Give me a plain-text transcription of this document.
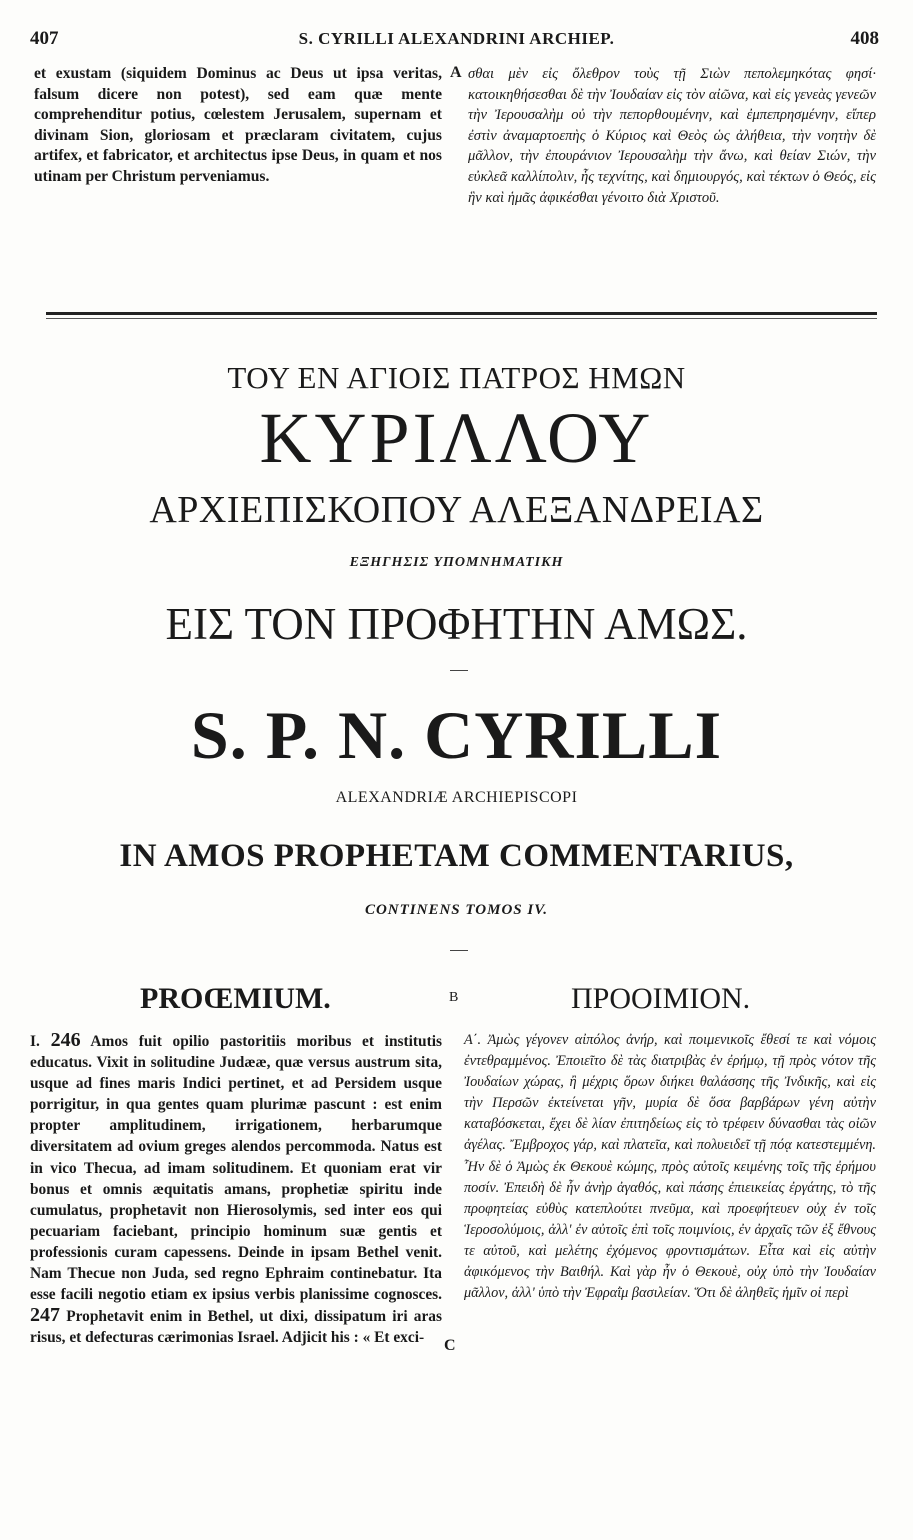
407	S. CYRILLI ALEXANDRINI ARCHIEP.	408

et exustam (siquidem Dominus ac Deus ut ipsa veritas, falsum dicere non potest), sed eam quæ mente comprehenditur potius, cœlestem Jerusalem, supernam et divinam Sion, gloriosam et præclaram civitatem, cujus artifex, et fabricator, et architectus ipse Deus, in quam et nos utinam per Christum perveniamus.

A σθαι μὲν εἰς ὄλεθρον τοὺς τῇ Σιὼν πεπολεμηκότας φησί· κατοικηθήσεσθαι δὲ τὴν Ἰουδαίαν εἰς τὸν αἰῶνα, καὶ εἰς γενεὰς γενεῶν τὴν Ἰερουσαλὴμ οὐ τὴν πεπορθουμένην, καὶ ἐμπεπρησμένην, εἴπερ ἐστὶν ἀναμαρτοεπὴς ὁ Κύριος καὶ Θεὸς ὡς ἀλήθεια, τὴν νοητὴν δὲ μᾶλλον, τὴν ἐπουράνιον Ἰερουσαλὴμ τὴν ἄνω, καὶ θείαν Σιών, τὴν εὐκλεᾶ καλλίπολιν, ἧς τεχνίτης, καὶ δημιουργός, καὶ τέκτων ὁ Θεός, εἰς ἣν καὶ ἡμᾶς ἀφικέσθαι γένοιτο διὰ Χριστοῦ.

ΤΟΥ ΕΝ ΑΓΙΟΙΣ ΠΑΤΡΟΣ ΗΜΩΝ
ΚΥΡΙΛΛΟΥ
ΑΡΧΙΕΠΙΣΚΟΠΟΥ ΑΛΕΞΑΝΔΡΕΙΑΣ
ΕΞΗΓΗΣΙΣ ΥΠΟΜΝΗΜΑΤΙΚΗ
ΕΙΣ ΤΟΝ ΠΡΟΦΗΤΗΝ ΑΜΩΣ.
S. P. N. CYRILLI
ALEXANDRIÆ ARCHIEPISCOPI
IN AMOS PROPHETAM COMMENTARIUS,
CONTINENS TOMOS IV.
PROŒMIUM.	B	ΠΡΟΟΙΜΙΟΝ.

I. 246 Amos fuit opilio pastoritiis moribus et institutis educatus. Vixit in solitudine Judææ, quæ versus austrum sita, usque ad fines maris Indici pertinet, et ad Persidem usque porrigitur, in qua gentes quam plurimæ pascunt : est enim propter amplitudinem, irrigationem, herbarumque diversitatem ad ovium greges alendos percommoda. Natus est in vico Thecua, ad imam solitudinem. Et quoniam erat vir bonus et omnis æquitatis amans, prophetiæ spiritu inde cumulatus, prophetavit non Hierosolymis, sed inter eos qui pecuariam faciebant, principio hominum suæ gentis et professionis curam capessens. Deinde in ipsam Bethel venit. Nam Thecue non Juda, sed regno Ephraim continebatur. Ita esse facili negotio etiam ex ipsius verbis planissime cognosces. 247 Prophetavit enim in Bethel, ut dixi, dissipatum iri aras risus, et defecturas cærimonias Israel. Adjicit his : « Et exci-	C

Α΄. Ἀμὼς γέγονεν αἰπόλος ἀνήρ, καὶ ποιμενικοῖς ἔθεσί τε καὶ νόμοις ἐντεθραμμένος. Ἐποιεῖτο δὲ τὰς διατριβὰς ἐν ἐρήμῳ, τῇ πρὸς νότον τῆς Ἰουδαίων χώρας, ἢ μέχρις ὅρων διήκει θαλάσσης τῆς Ἰνδικῆς, καὶ εἰς τὴν Περσῶν ἐκτείνεται γῆν, μυρία δὲ ὅσα βαρβάρων γένη αὐτὴν καταβόσκεται, ἔχει δὲ λίαν ἐπιτηδείως εἰς τὸ τρέφειν δύνασθαι τὰς οἰῶν ἀγέλας. Ἔμβροχος γάρ, καὶ πλατεῖα, καὶ πολυειδεῖ τῇ πόᾳ κατεστεμμένη. Ἦν δὲ ὁ Ἀμὼς ἐκ Θεκουὲ κώμης, πρὸς αὐτοῖς κειμένης τοῖς τῆς ἐρήμου ποσίν. Ἐπειδὴ δὲ ἦν ἀνὴρ ἀγαθός, καὶ πάσης ἐπιεικείας ἐργάτης, τὸ τῆς προφητείας εὐθὺς κατεπλούτει πνεῦμα, καὶ προεφήτευεν οὐχ ἐν τοῖς Ἱεροσολύμοις, ἀλλ' ἐν αὐτοῖς ἐπὶ τοῖς ποιμνίοις, ἐν ἀρχαῖς τῶν ἐξ ἔθνους τε αὐτοῦ, καὶ μελέτης ἐχόμενος φροντισμάτων. Εἶτα καὶ εἰς αὐτὴν ἀφικόμενος τὴν Βαιθήλ. Καὶ γὰρ ἦν ὁ Θεκουὲ, οὐχ ὑπὸ τὴν Ἰουδαίαν μᾶλλον, ἀλλ' ὑπὸ τὴν Ἐφραῒμ βασιλείαν. Ὅτι δὲ ἀληθεῖς ἡμῖν οἱ περὶ
